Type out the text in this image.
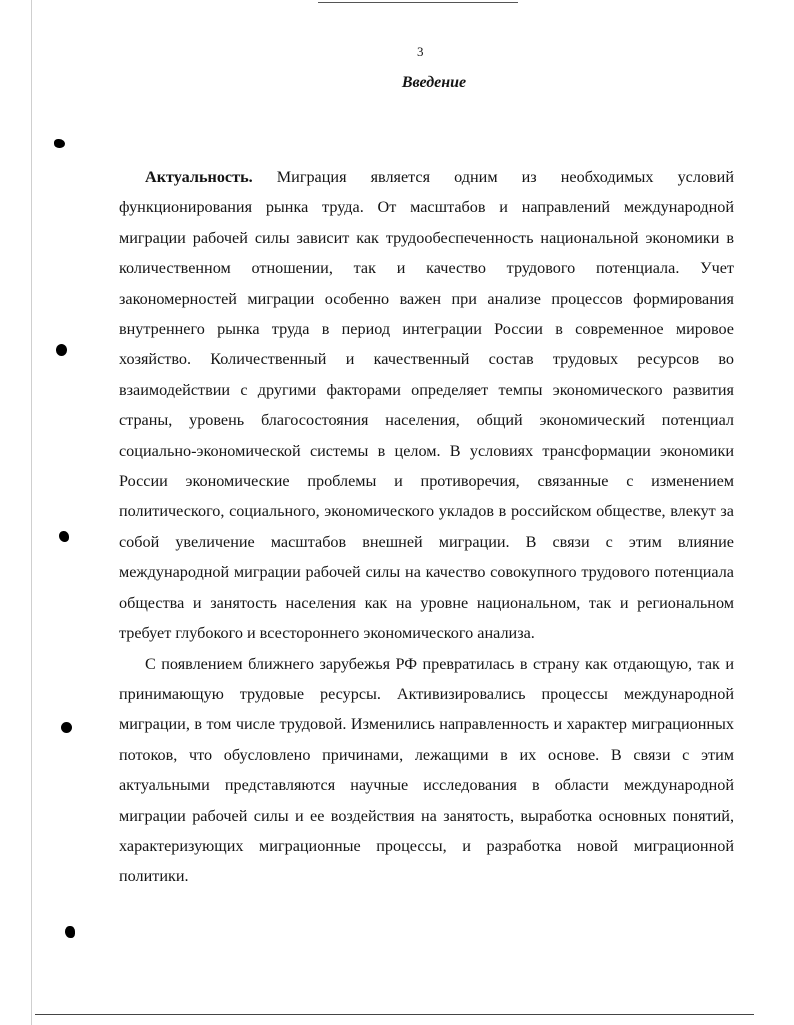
3
Введение

Актуальность. Миграция является одним из необходимых условий функционирования рынка труда. От масштабов и направлений международной миграции рабочей силы зависит как трудообеспеченность национальной экономики в количественном отношении, так и качество трудового потенциала. Учет закономерностей миграции особенно важен при анализе процессов формирования внутреннего рынка труда в период интеграции России в современное мировое хозяйство. Количественный и качественный состав трудовых ресурсов во взаимодействии с другими факторами определяет темпы экономического развития страны, уровень благосостояния населения, общий экономический потенциал социально-экономической системы в целом. В условиях трансформации экономики России экономические проблемы и противоречия, связанные с изменением политического, социального, экономического укладов в российском обществе, влекут за собой увеличение масштабов внешней миграции. В связи с этим влияние международной миграции рабочей силы на качество совокупного трудового потенциала общества и занятость населения как на уровне национальном, так и региональном требует глубокого и всестороннего экономического анализа.

С появлением ближнего зарубежья РФ превратилась в страну как отдающую, так и принимающую трудовые ресурсы. Активизировались процессы международной миграции, в том числе трудовой. Изменились направленность и характер миграционных потоков, что обусловлено причинами, лежащими в их основе. В связи с этим актуальными представляются научные исследования в области международной миграции рабочей силы и ее воздействия на занятость, выработка основных понятий, характеризующих миграционные процессы, и разработка новой миграционной политики.
